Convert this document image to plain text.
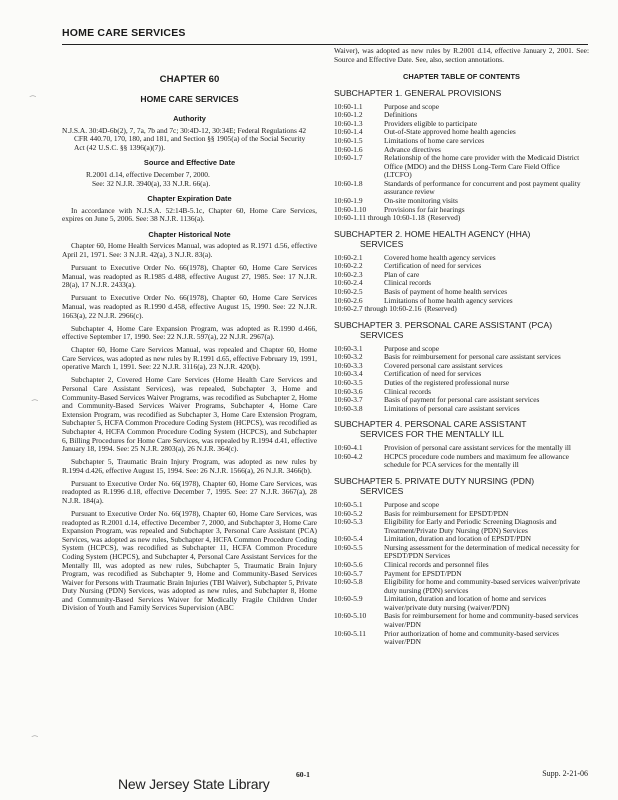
HOME CARE SERVICES
⁀
⁀
⁀
CHAPTER 60
HOME CARE SERVICES
Authority

N.J.S.A. 30:4D-6b(2), 7, 7a, 7b and 7c; 30:4D-12, 30:34E; Federal Regulations 42 CFR 440.70, 170, 180, and 181, and Section §§ 1905(a) of the Social Security Act (42 U.S.C. §§ 1396(a)(7)).

Source and Effective Date

R.2001 d.14, effective December 7, 2000.

See: 32 N.J.R. 3940(a), 33 N.J.R. 66(a).

Chapter Expiration Date

In accordance with N.J.S.A. 52:14B-5.1c, Chapter 60, Home Care Services, expires on June 5, 2006. See: 38 N.J.R. 1136(a).

Chapter Historical Note

Chapter 60, Home Health Services Manual, was adopted as R.1971 d.56, effective April 21, 1971. See: 3 N.J.R. 42(a), 3 N.J.R. 83(a).

Pursuant to Executive Order No. 66(1978), Chapter 60, Home Care Services Manual, was readopted as R.1985 d.488, effective August 27, 1985. See: 17 N.J.R. 28(a), 17 N.J.R. 2433(a).

Pursuant to Executive Order No. 66(1978), Chapter 60, Home Care Services Manual, was readopted as R.1990 d.458, effective August 15, 1990. See: 22 N.J.R. 1663(a), 22 N.J.R. 2966(c).

Subchapter 4, Home Care Expansion Program, was adopted as R.1990 d.466, effective September 17, 1990. See: 22 N.J.R. 597(a), 22 N.J.R. 2967(a).

Chapter 60, Home Care Services Manual, was repealed and Chapter 60, Home Care Services, was adopted as new rules by R.1991 d.65, effective February 19, 1991, operative March 1, 1991. See: 22 N.J.R. 3116(a), 23 N.J.R. 420(b).

Subchapter 2, Covered Home Care Services (Home Health Care Services and Personal Care Assistant Services), was repealed, Subchapter 3, Home and Community-Based Services Waiver Programs, was recodified as Subchapter 2, Home and Community-Based Services Waiver Programs, Subchapter 4, Home Care Extension Program, was recodified as Subchapter 3, Home Care Extension Program, Subchapter 5, HCFA Common Procedure Coding System (HCPCS), was recodified as Subchapter 4, HCFA Common Procedure Coding System (HCPCS), and Subchapter 6, Billing Procedures for Home Care Services, was repealed by R.1994 d.41, effective January 18, 1994. See: 25 N.J.R. 2803(a), 26 N.J.R. 364(c).

Subchapter 5, Traumatic Brain Injury Program, was adopted as new rules by R.1994 d.426, effective August 15, 1994. See: 26 N.J.R. 1566(a), 26 N.J.R. 3466(b).

Pursuant to Executive Order No. 66(1978), Chapter 60, Home Care Services, was readopted as R.1996 d.18, effective December 7, 1995. See: 27 N.J.R. 3667(a), 28 N.J.R. 184(a).

Pursuant to Executive Order No. 66(1978), Chapter 60, Home Care Services, was readopted as R.2001 d.14, effective December 7, 2000, and Subchapter 3, Home Care Expansion Program, was repealed and Subchapter 3, Personal Care Assistant (PCA) Services, was adopted as new rules, Subchapter 4, HCFA Common Procedure Coding System (HCPCS), was recodified as Subchapter 11, HCFA Common Procedure Coding System (HCPCS), and Subchapter 4, Personal Care Assistant Services for the Mentally Ill, was adopted as new rules, Subchapter 5, Traumatic Brain Injury Program, was recodified as Subchapter 9, Home and Community-Based Services Waiver for Persons with Traumatic Brain Injuries (TBI Waiver), Subchapter 5, Private Duty Nursing (PDN) Services, was adopted as new rules, and Subchapter 8, Home and Community-Based Services Waiver for Medically Fragile Children Under Division of Youth and Family Services Supervision (ABC

Waiver), was adopted as new rules by R.2001 d.14, effective January 2, 2001. See: Source and Effective Date. See, also, section annotations.

CHAPTER TABLE OF CONTENTS
SUBCHAPTER 1. GENERAL PROVISIONS
10:60-1.1	Purpose and scope
10:60-1.2	Definitions
10:60-1.3	Providers eligible to participate
10:60-1.4	Out-of-State approved home health agencies
10:60-1.5	Limitations of home care services
10:60-1.6	Advance directives
10:60-1.7	Relationship of the home care provider with the Medicaid District Office (MDO) and the DHSS Long-Term Care Field Office (LTCFO)
10:60-1.8	Standards of performance for concurrent and post payment quality assurance review
10:60-1.9	On-site monitoring visits
10:60-1.10	Provisions for fair hearings
10:60-1.11 through 10:60-1.18 (Reserved)
SUBCHAPTER 2. HOME HEALTH AGENCY (HHA)
SERVICES
10:60-2.1	Covered home health agency services
10:60-2.2	Certification of need for services
10:60-2.3	Plan of care
10:60-2.4	Clinical records
10:60-2.5	Basis of payment of home health services
10:60-2.6	Limitations of home health agency services
10:60-2.7 through 10:60-2.16 (Reserved)
SUBCHAPTER 3. PERSONAL CARE ASSISTANT (PCA)
SERVICES
10:60-3.1	Purpose and scope
10:60-3.2	Basis for reimbursement for personal care assistant services
10:60-3.3	Covered personal care assistant services
10:60-3.4	Certification of need for services
10:60-3.5	Duties of the registered professional nurse
10:60-3.6	Clinical records
10:60-3.7	Basis of payment for personal care assistant services
10:60-3.8	Limitations of personal care assistant services
SUBCHAPTER 4. PERSONAL CARE ASSISTANT
SERVICES FOR THE MENTALLY ILL
10:60-4.1	Provision of personal care assistant services for the mentally ill
10:60-4.2	HCPCS procedure code numbers and maximum fee allowance schedule for PCA services for the mentally ill
SUBCHAPTER 5. PRIVATE DUTY NURSING (PDN)
SERVICES
10:60-5.1	Purpose and scope
10:60-5.2	Basis for reimbursement for EPSDT/PDN
10:60-5.3	Eligibility for Early and Periodic Screening Diagnosis and Treatment/Private Duty Nursing (PDN) Services
10:60-5.4	Limitation, duration and location of EPSDT/PDN
10:60-5.5	Nursing assessment for the determination of medical necessity for EPSDT/PDN Services
10:60-5.6	Clinical records and personnel files
10:60-5.7	Payment for EPSDT/PDN
10:60-5.8	Eligibility for home and community-based services waiver/private duty nursing (PDN) services
10:60-5.9	Limitation, duration and location of home and services waiver/private duty nursing (waiver/PDN)
10:60-5.10	Basis for reimbursement for home and community-based services waiver/PDN
10:60-5.11	Prior authorization of home and community-based services waiver/PDN
60-1	Supp. 2-21-06
New Jersey State Library
